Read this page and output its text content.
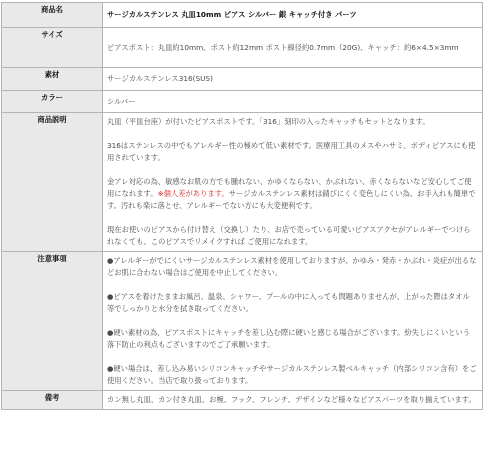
商品名	サージカルステンレス 丸皿10mm ピアス シルバー 銀 キャッチ付き パーツ
サイズ	ピアスポスト：丸皿約10mm、ポスト約12mm ポスト線径約0.7mm（20G)、キャッチ：約6×4.5×3mm
素材	サージカルステンレス316(SUS)
カラー	シルバー
商品説明	丸皿（平皿台座）が付いたピアスポストです。「316」刻印の入ったキャッチもセットとなります。

316はステンレスの中でもアレルギー性の極めて低い素材です。医療用工具のメスやハサミ、ボディピアスにも使用されています。

金アレ対応の為、敏感なお肌の方でも腫れない、かゆくならない、かぶれない、赤くならないなど安心してご使用になれます。※個人差があります。サージカルステンレス素材は錆びにくく変色しにくい為、お手入れも簡単です。汚れも楽に落とせ、アレルギーでない方にも大変便利です。

現在お使いのピアスから付け替え（交換し）たり、お店で売っている可愛いピアスアクセがアレルギーでつけられなくても、このピアスでリメイクすれば ご使用になれます。

注意事項	●アレルギーがでにくいサージカルステンレス素材を使用しておりますが、かゆみ・発赤・かぶれ・炎症が出るなどお肌に合わない場合はご使用を中止してください。

●ピアスを着けたままお風呂、温泉、シャワー、プールの中に入っても問題ありませんが、上がった際はタオル等でしっかりと水分を拭き取ってください。

●硬い素材の為、ピアスポストにキャッチを差し込む際に硬いと感じる場合がございます。紛失しにくいという落下防止の利点もございますのでご了承願います。

●硬い場合は、差し込み易いシリコンキャッチやサージカルステンレス製ベルキャッチ（内部シリコン含有）をご使用ください。当店で取り扱っております。

備考	カン無し丸皿、カン付き丸皿、お椀、フック、フレンチ、デザインなど様々なピアスパーツを取り揃えています。
